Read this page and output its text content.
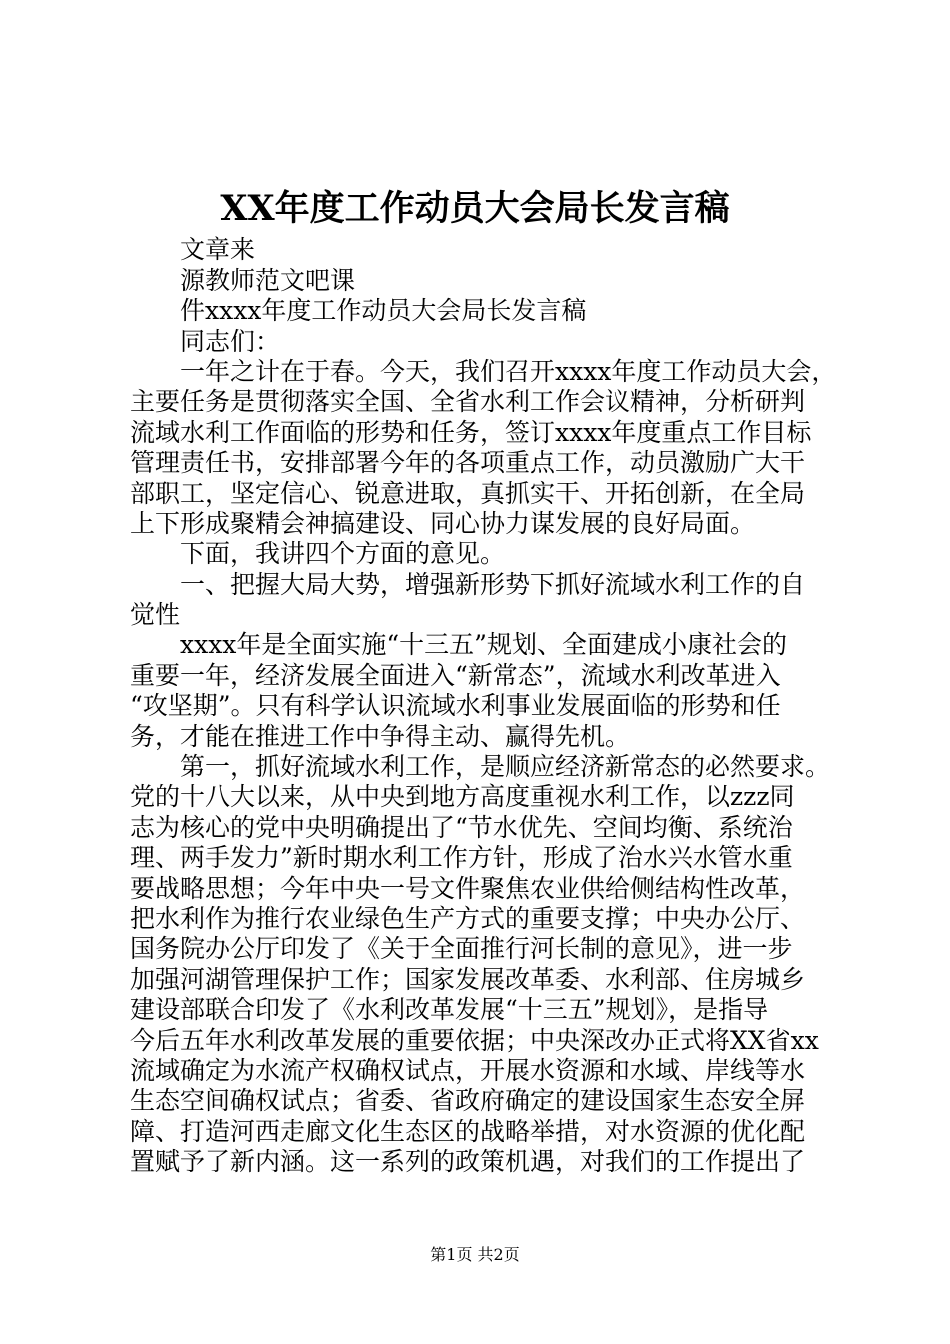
XX年度工作动员大会局长发言稿
文章来
源教师范文吧课
件xxxx年度工作动员大会局长发言稿
同志们：
一年之计在于春。今天，我们召开xxxx年度工作动员大会，
主要任务是贯彻落实全国、全省水利工作会议精神，分析研判
流域水利工作面临的形势和任务，签订xxxx年度重点工作目标
管理责任书，安排部署今年的各项重点工作，动员激励广大干
部职工，坚定信心、锐意进取，真抓实干、开拓创新，在全局
上下形成聚精会神搞建设、同心协力谋发展的良好局面。
下面，我讲四个方面的意见。
一、把握大局大势，增强新形势下抓好流域水利工作的自
觉性
xxxx年是全面实施“十三五”规划、全面建成小康社会的
重要一年，经济发展全面进入“新常态”，流域水利改革进入
“攻坚期”。只有科学认识流域水利事业发展面临的形势和任
务，才能在推进工作中争得主动、赢得先机。
第一，抓好流域水利工作，是顺应经济新常态的必然要求。
党的十八大以来，从中央到地方高度重视水利工作，以zzz同
志为核心的党中央明确提出了“节水优先、空间均衡、系统治
理、两手发力”新时期水利工作方针，形成了治水兴水管水重
要战略思想；今年中央一号文件聚焦农业供给侧结构性改革，
把水利作为推行农业绿色生产方式的重要支撑；中央办公厅、
国务院办公厅印发了《关于全面推行河长制的意见》，进一步
加强河湖管理保护工作；国家发展改革委、水利部、住房城乡
建设部联合印发了《水利改革发展“十三五”规划》，是指导
今后五年水利改革发展的重要依据；中央深改办正式将XX省xx
流域确定为水流产权确权试点，开展水资源和水域、岸线等水
生态空间确权试点；省委、省政府确定的建设国家生态安全屏
障、打造河西走廊文化生态区的战略举措，对水资源的优化配
置赋予了新内涵。这一系列的政策机遇，对我们的工作提出了
第1页 共2页
